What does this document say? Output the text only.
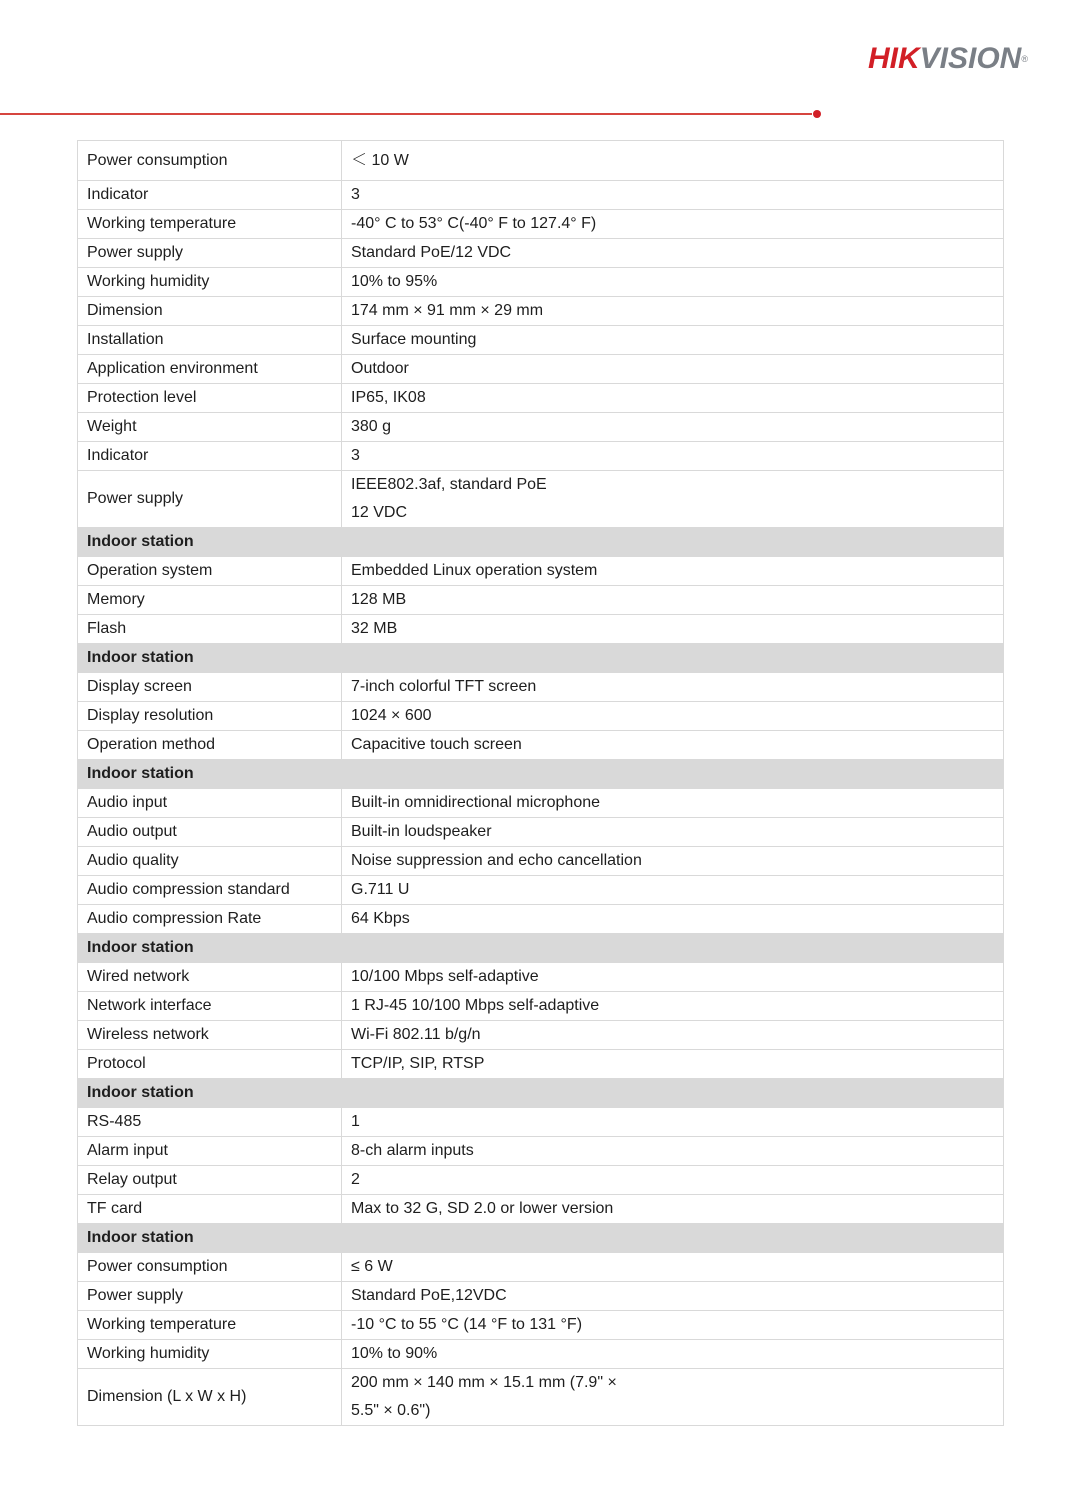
HIKVISION®
Power consumption	＜ 10 W
Indicator	3
Working temperature	-40° C to 53° C(-40° F to 127.4° F)
Power supply	Standard PoE/12 VDC
Working humidity	10% to 95%
Dimension	174 mm × 91 mm × 29 mm
Installation	Surface mounting
Application environment	Outdoor
Protection level	IP65, IK08
Weight	380 g
Indicator	3
Power supply	IEEE802.3af, standard PoE
12 VDC

Indoor station	
Operation system	Embedded Linux operation system
Memory	128 MB
Flash	32 MB
Indoor station	
Display screen	7-inch colorful TFT screen
Display resolution	1024 × 600
Operation method	Capacitive touch screen
Indoor station	
Audio input	Built-in omnidirectional microphone
Audio output	Built-in loudspeaker
Audio quality	Noise suppression and echo cancellation
Audio compression standard	G.711 U
Audio compression Rate	64 Kbps
Indoor station	
Wired network	10/100 Mbps self-adaptive
Network interface	1 RJ-45 10/100 Mbps self-adaptive
Wireless network	Wi-Fi 802.11 b/g/n
Protocol	TCP/IP, SIP, RTSP
Indoor station	
RS-485	1
Alarm input	8-ch alarm inputs
Relay output	2
TF card	Max to 32 G, SD 2.0 or lower version
Indoor station	
Power consumption	≤ 6 W
Power supply	Standard PoE,12VDC
Working temperature	-10 °C to 55 °C (14 °F to 131 °F)
Working humidity	10% to 90%
Dimension (L x W x H)	200 mm × 140 mm × 15.1 mm (7.9" ×
5.5" × 0.6")
